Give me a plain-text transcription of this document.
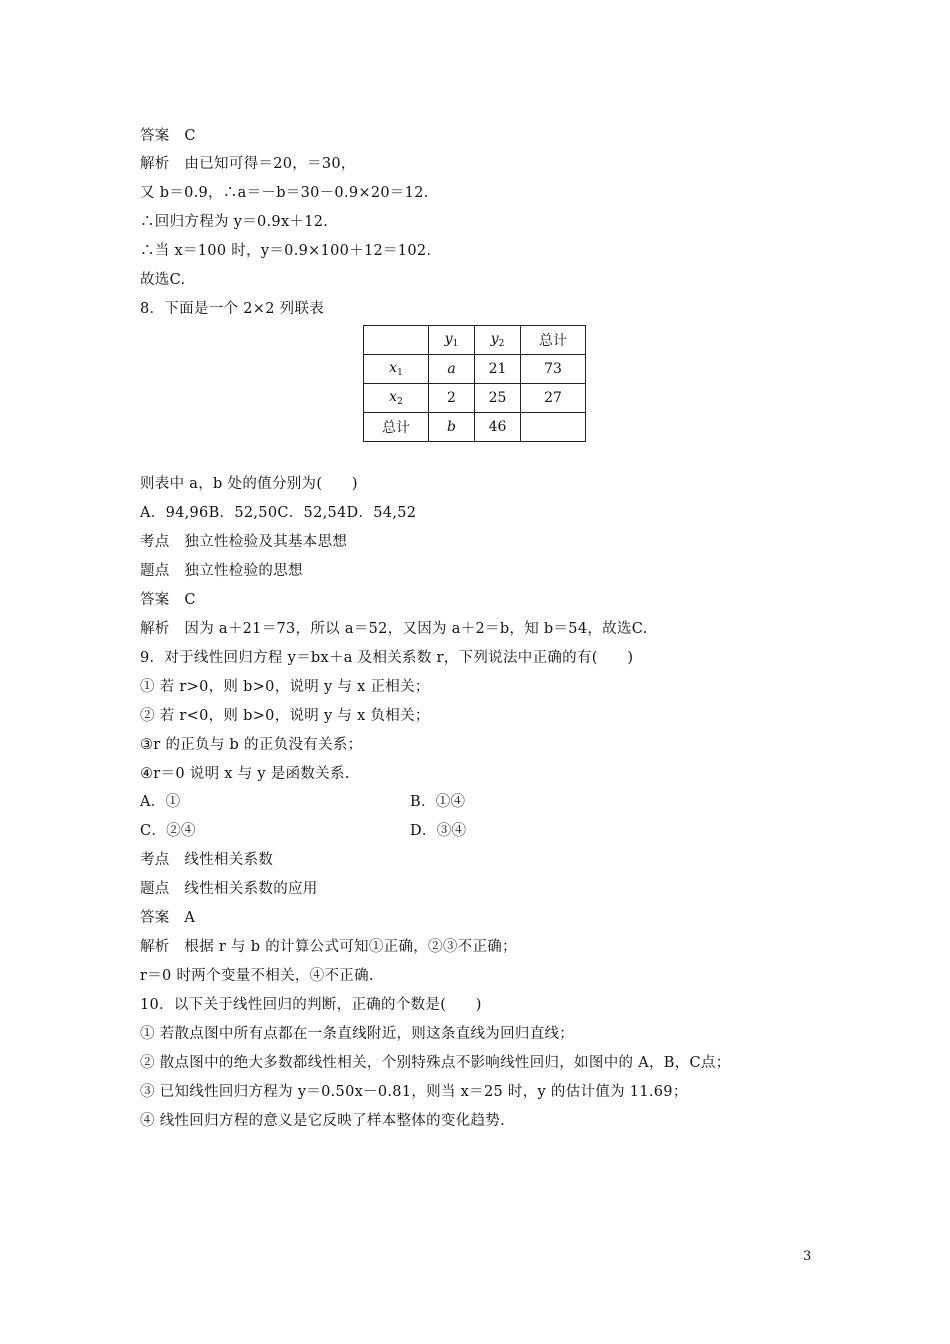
答案　C
解析　由已知可得＝20，＝30，
又 b＝0.9，∴a＝－b＝30－0.9×20＝12.
∴回归方程为 y＝0.9x＋12.
∴当 x＝100 时，y＝0.9×100＋12＝102.
故选C.
8．下面是一个 2×2 列联表
	$y_1$	$y_2$	总计
$x_1$	a	21	73
$x_2$	2	25	27
总计	b	46	
则表中 a，b 处的值分别为(　　)
A．94,96B．52,50C．52,54D．54,52
考点　独立性检验及其基本思想
题点　独立性检验的思想
答案　C
解析　因为 a＋21＝73，所以 a＝52，又因为 a＋2＝b，知 b＝54，故选C.
9．对于线性回归方程 y＝bx＋a 及相关系数 r，下列说法中正确的有(　　)
① 若 r>0，则 b>0，说明 y 与 x 正相关；
② 若 r<0，则 b>0，说明 y 与 x 负相关；
③r 的正负与 b 的正负没有关系；
④r＝0 说明 x 与 y 是函数关系.
A．①	B．①④
C．②④	D．③④
考点　线性相关系数
题点　线性相关系数的应用
答案　A
解析　根据 r 与 b 的计算公式可知①正确，②③不正确；
r＝0 时两个变量不相关，④不正确.
10．以下关于线性回归的判断，正确的个数是(　　)
① 若散点图中所有点都在一条直线附近，则这条直线为回归直线；
② 散点图中的绝大多数都线性相关，个别特殊点不影响线性回归，如图中的 A，B，C点；
③ 已知线性回归方程为 y＝0.50x－0.81，则当 x＝25 时，y 的估计值为 11.69；
④ 线性回归方程的意义是它反映了样本整体的变化趋势.
3
